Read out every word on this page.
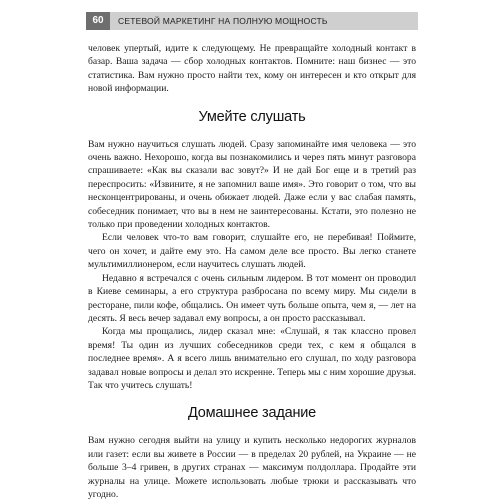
60	СЕТЕВОЙ МАРКЕТИНГ НА ПОЛНУЮ МОЩНОСТЬ

человек упертый, идите к следующему. Не превращайте холодный контакт в базар. Ваша задача — сбор холодных контактов. Помните: наш бизнес — это статистика. Вам нужно просто найти тех, кому он интересен и кто открыт для новой информации.

Умейте слушать

Вам нужно научиться слушать людей. Сразу запоминайте имя человека — это очень важно. Нехорошо, когда вы познакомились и через пять минут разговора спрашиваете: «Как вы сказали вас зовут?» И не дай Бог еще и в третий раз переспросить: «Извините, я не запомнил ваше имя». Это говорит о том, что вы несконцентрированы, и очень обижает людей. Даже если у вас слабая память, собеседник понимает, что вы в нем не заинтересованы. Кстати, это полезно не только при проведении холодных контактов.

Если человек что-то вам говорит, слушайте его, не перебивая! Поймите, чего он хочет, и дайте ему это. На самом деле все просто. Вы легко станете мультимиллионером, если научитесь слушать людей.

Недавно я встречался с очень сильным лидером. В тот момент он проводил в Киеве семинары, а его структура разбросана по всему миру. Мы сидели в ресторане, пили кофе, общались. Он имеет чуть больше опыта, чем я, — лет на десять. Я весь вечер задавал ему вопросы, а он просто рассказывал.

Когда мы прощались, лидер сказал мне: «Слушай, я так классно провел время! Ты один из лучших собеседников среди тех, с кем я общался в последнее время». А я всего лишь внимательно его слушал, по ходу разговора задавал новые вопросы и делал это искренне. Теперь мы с ним хорошие друзья. Так что учитесь слушать!

Домашнее задание

Вам нужно сегодня выйти на улицу и купить несколько недорогих журналов или газет: если вы живете в России — в пределах 20 рублей, на Украине — не больше 3–4 гривен, в других странах — максимум полдоллара. Продайте эти журналы на улице. Можете использовать любые трюки и рассказывать что угодно.
